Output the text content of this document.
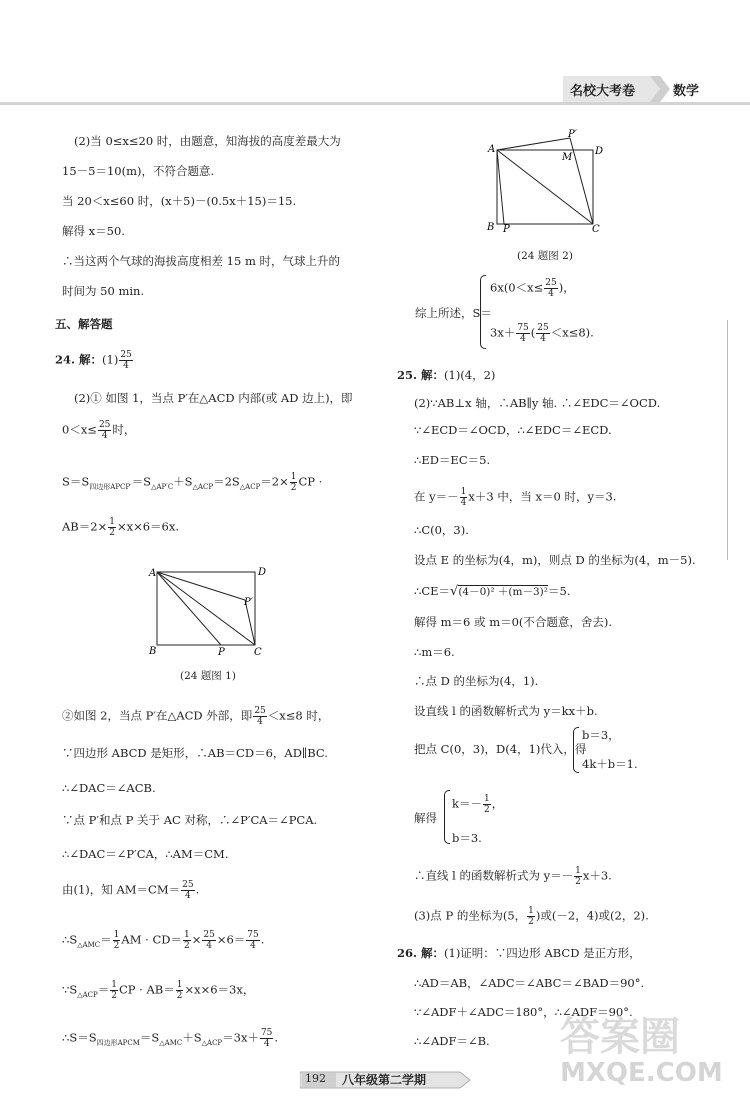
名校大考卷	数学
(2)当 0≤x≤20 时，由题意，知海拔的高度差最大为
15－5＝10(m)，不符合题意.
当 20＜x≤60 时，(x＋5)－(0.5x＋15)＝15.
解得 x＝50.
∴当这两个气球的海拔高度相差 15 m 时，气球上升的
时间为 50 min.
五、解答题
24. 解：$(1) \frac{25}{4}$
(2)① 如图 1，当点 P′在△ACD 内部(或 AD 边上)，即
$0<x\le \frac{25}{4}$ 时，
$S=S_{四边形APCP'}=S_{\triangle AP'C}+S_{\triangle ACP}=2S_{\triangle ACP}=2\times \frac{1}{2}$ CP ·
$AB=2\times \frac{1}{2} \times x\times 6=6x$.
A	D
B	C
P
P′
(24 题图 1)
②如图 2，当点 P′在△ACD 外部，即 $\frac{25}{4} <x\le 8$ 时，
∵四边形 ABCD 是矩形，∴AB＝CD＝6，AD∥BC.
∴∠DAC＝∠ACB.
∵点 P′和点 P 关于 AC 对称，∴∠P′CA＝∠PCA.
∴∠DAC＝∠P′CA，∴AM＝CM.
由(1)，知 $AM=CM= \frac{25}{4}$ .
$\therefore S_{\triangle AMC}= \frac{1}{2}$ AM · $CD= \frac{1}{2} \times \frac{25}{4} \times 6= \frac{75}{4}$ .
$\because S_{\triangle ACP}= \frac{1}{2}$ CP · $AB= \frac{1}{2} \times x\times 6=3x$，
$\therefore S=S_{四边形APCM}=S_{\triangle AMC}+S_{\triangle ACP}=3x+ \frac{75}{4}$ .
A
P′
M
D
B P	C
(24 题图 2)
综上所述，S＝
$6x(0<x\le \frac{25}{4}$ )，
$3x+ \frac{75}{4}$ ( $\frac{25}{4} <x\le 8$).
25. 解：(1)(4，2)
(2)∵AB⊥x 轴，∴AB∥y 轴. ∴∠EDC＝∠OCD.
∵∠ECD＝∠OCD，∴∠EDC＝∠ECD.
∴ED＝EC＝5.
在 $y=- \frac{1}{4} x+3$ 中，当 x＝0 时，y＝3.
∴C(0，3).
设点 E 的坐标为(4，m)，则点 D 的坐标为(4，m－5).
∴CE＝√(4－0)² ＋(m－3)²＝5.
解得 m＝6 或 m＝0(不合题意，舍去).
∴m＝6.
∴点 D 的坐标为(4，1).
设直线 l 的函数解析式为 y＝kx＋b.
把点 C(0，3)，D(4，1)代入，得
b＝3，
4k＋b＝1.
解得
$k=- \frac{1}{2}$ ，
b＝3.
∴直线 l 的函数解析式为 $y=- \frac{1}{2} x+3$.
(3)点 P 的坐标为(5， $\frac{1}{2}$ )或(－2，4)或(2，2).
26. 解：(1)证明：∵四边形 ABCD 是正方形，
∴AD＝AB，∠ADC＝∠ABC＝∠BAD＝90°.
∵∠ADF＋∠ADC＝180°，∴∠ADF＝90°.
∴∠ADF＝∠B. 答案圈
MXQE.COM
192 八年级第二学期
